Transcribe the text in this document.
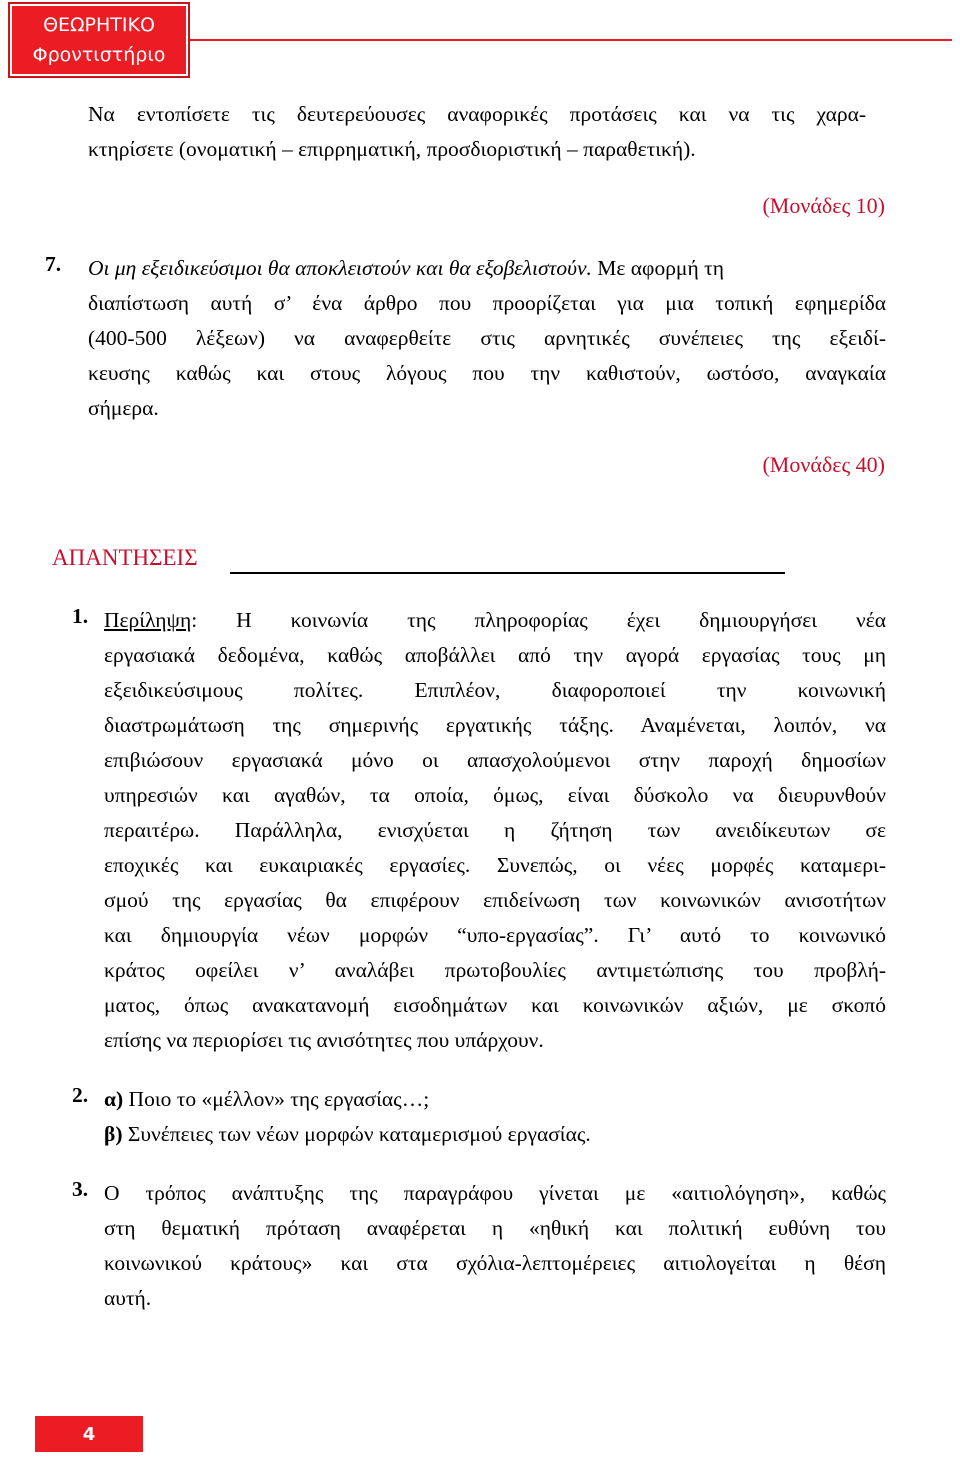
ΘΕΩΡΗΤΙΚΟ
Φροντιστήριο

Να εντοπίσετε τις δευτερεύουσες αναφορικές προτάσεις και να τις χαρα-

κτηρίσετε (ονοματική – επιρρηματική, προσδιοριστική – παραθετική).

(Μονάδες 10)
7. Οι μη εξειδικεύσιμοι θα αποκλειστούν και θα εξοβελιστούν. Με αφορμή τη

διαπίστωση αυτή σ’ ένα άρθρο που προορίζεται για μια τοπική εφημερίδα

(400-500 λέξεων) να αναφερθείτε στις αρνητικές συνέπειες της εξειδί-

κευσης καθώς και στους λόγους που την καθιστούν, ωστόσο, αναγκαία

σήμερα.

(Μονάδες 40)
ΑΠΑΝΤΗΣΕΙΣ
1. Περίληψη: Η κοινωνία της πληροφορίας έχει δημιουργήσει νέα

εργασιακά δεδομένα, καθώς αποβάλλει από την αγορά εργασίας τους μη

εξειδικεύσιμους πολίτες. Επιπλέον, διαφοροποιεί την κοινωνική

διαστρωμάτωση της σημερινής εργατικής τάξης. Αναμένεται, λοιπόν, να

επιβιώσουν εργασιακά μόνο οι απασχολούμενοι στην παροχή δημοσίων

υπηρεσιών και αγαθών, τα οποία, όμως, είναι δύσκολο να διευρυνθούν

περαιτέρω. Παράλληλα, ενισχύεται η ζήτηση των ανειδίκευτων σε

εποχικές και ευκαιριακές εργασίες. Συνεπώς, οι νέες μορφές καταμερι-

σμού της εργασίας θα επιφέρουν επιδείνωση των κοινωνικών ανισοτήτων

και δημιουργία νέων μορφών “υπο-εργασίας”. Γι’ αυτό το κοινωνικό

κράτος οφείλει ν’ αναλάβει πρωτοβουλίες αντιμετώπισης του προβλή-

ματος, όπως ανακατανομή εισοδημάτων και κοινωνικών αξιών, με σκοπό

επίσης να περιορίσει τις ανισότητες που υπάρχουν.

2. α) Ποιο το «μέλλον» της εργασίας…;

β) Συνέπειες των νέων μορφών καταμερισμού εργασίας.

3. Ο τρόπος ανάπτυξης της παραγράφου γίνεται με «αιτιολόγηση», καθώς

στη θεματική πρόταση αναφέρεται η «ηθική και πολιτική ευθύνη του

κοινωνικού κράτους» και στα σχόλια-λεπτομέρειες αιτιολογείται η θέση

αυτή.

4
